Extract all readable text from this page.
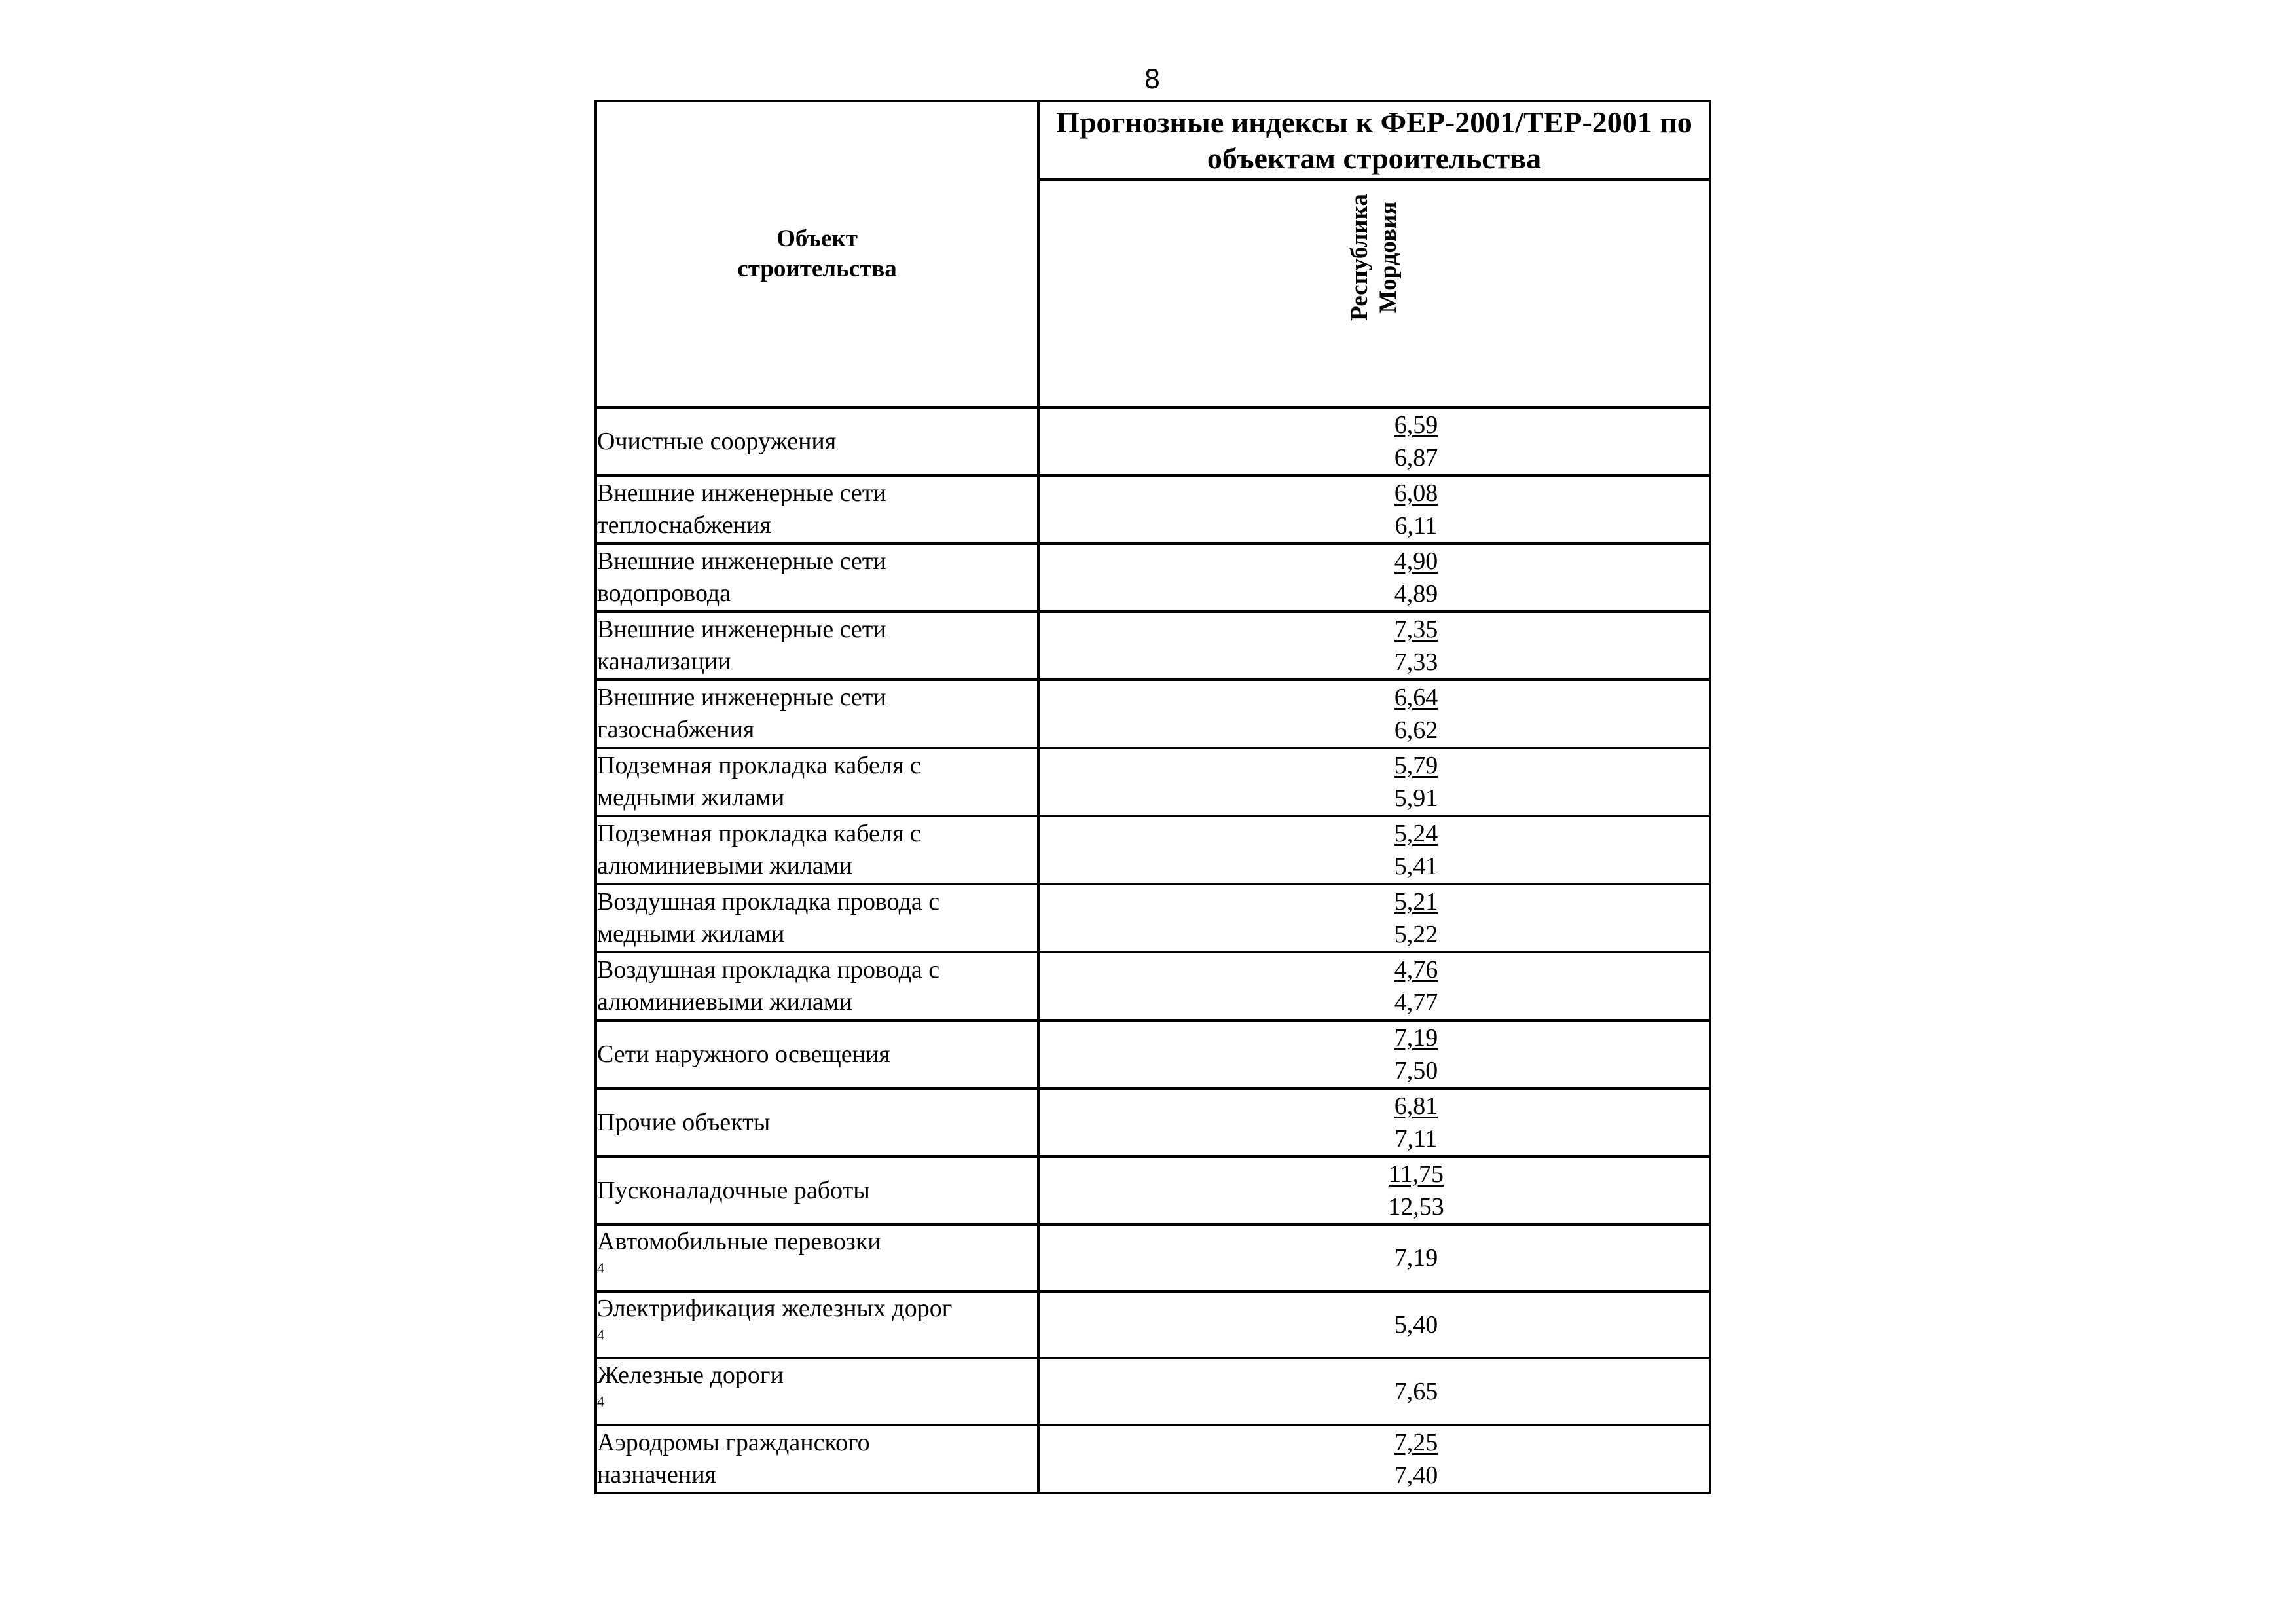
8
Объект
строительства	Прогнозные индексы к ФЕР-2001/ТЕР-2001 по объектам строительства

	Республика Мордовия

Очистные сооружения	6,59
6,87

Внешние инженерные сети
теплоснабжения	6,08
6,11

Внешние инженерные сети
водопровода	4,90
4,89

Внешние инженерные сети
канализации	7,35
7,33

Внешние инженерные сети
газоснабжения	6,64
6,62

Подземная прокладка кабеля с
медными жилами	5,79
5,91

Подземная прокладка кабеля с
алюминиевыми жилами	5,24
5,41

Воздушная прокладка провода с
медными жилами	5,21
5,22

Воздушная прокладка провода с
алюминиевыми жилами	4,76
4,77

Сети наружного освещения	7,19
7,50

Прочие объекты	6,81
7,11

Пусконаладочные работы	11,75
12,53

Автомобильные перевозки
$^4$	7,19

Электрификация железных дорог
$^4$	5,40

Железные дороги
$^4$	7,65

Аэродромы гражданского
назначения	7,25
7,40
